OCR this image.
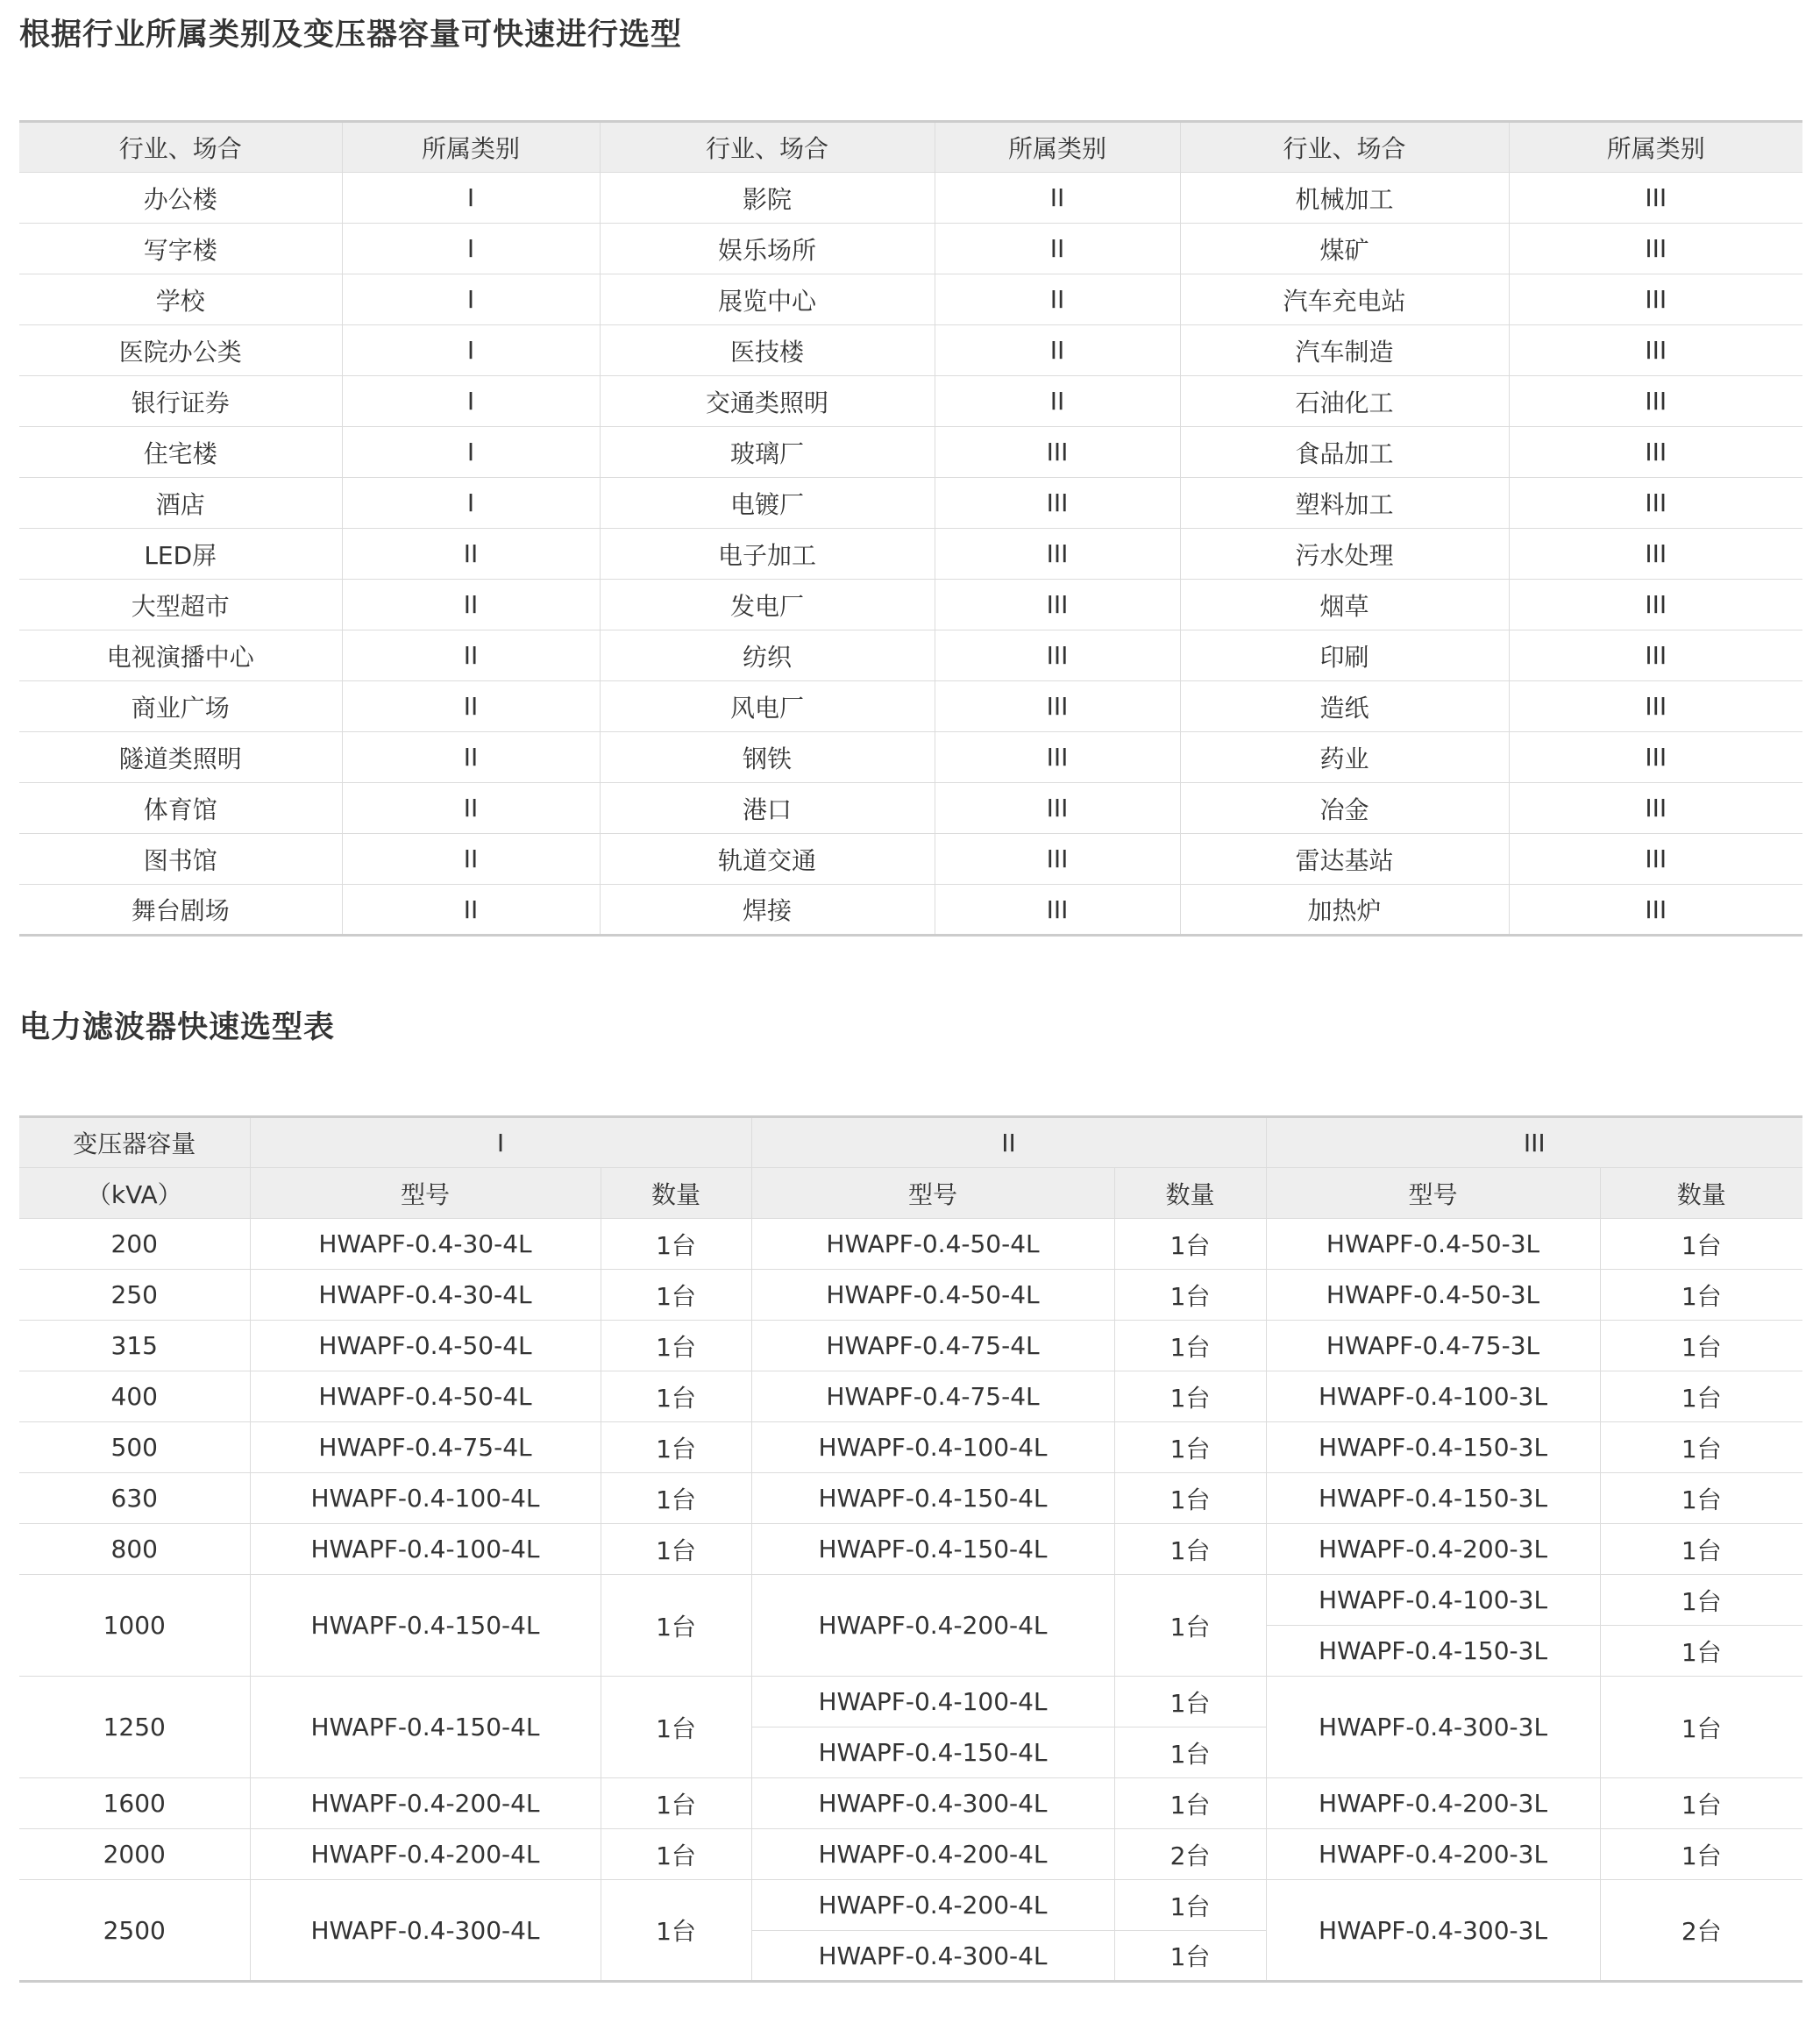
根据行业所属类别及变压器容量可快速进行选型
行业、场合	所属类别	行业、场合	所属类别	行业、场合	所属类别
办公楼	I	影院	II	机械加工	III
写字楼	I	娱乐场所	II	煤矿	III
学校	I	展览中心	II	汽车充电站	III
医院办公类	I	医技楼	II	汽车制造	III
银行证券	I	交通类照明	II	石油化工	III
住宅楼	I	玻璃厂	III	食品加工	III
酒店	I	电镀厂	III	塑料加工	III
LED屏	II	电子加工	III	污水处理	III
大型超市	II	发电厂	III	烟草	III
电视演播中心	II	纺织	III	印刷	III
商业广场	II	风电厂	III	造纸	III
隧道类照明	II	钢铁	III	药业	III
体育馆	II	港口	III	冶金	III
图书馆	II	轨道交通	III	雷达基站	III
舞台剧场	II	焊接	III	加热炉	III
电力滤波器快速选型表
变压器容量	I		II		III	
（kVA）	型号	数量	型号	数量	型号	数量
200	HWAPF-0.4-30-4L	1台	HWAPF-0.4-50-4L	1台	HWAPF-0.4-50-3L	1台
250	HWAPF-0.4-30-4L	1台	HWAPF-0.4-50-4L	1台	HWAPF-0.4-50-3L	1台
315	HWAPF-0.4-50-4L	1台	HWAPF-0.4-75-4L	1台	HWAPF-0.4-75-3L	1台
400	HWAPF-0.4-50-4L	1台	HWAPF-0.4-75-4L	1台	HWAPF-0.4-100-3L	1台
500	HWAPF-0.4-75-4L	1台	HWAPF-0.4-100-4L	1台	HWAPF-0.4-150-3L	1台
630	HWAPF-0.4-100-4L	1台	HWAPF-0.4-150-4L	1台	HWAPF-0.4-150-3L	1台
800	HWAPF-0.4-100-4L	1台	HWAPF-0.4-150-4L	1台	HWAPF-0.4-200-3L	1台
1000	HWAPF-0.4-150-4L	1台	HWAPF-0.4-200-4L	1台	HWAPF-0.4-100-3L	1台
					HWAPF-0.4-150-3L	1台
1250	HWAPF-0.4-150-4L	1台	HWAPF-0.4-100-4L	1台	HWAPF-0.4-300-3L	1台
			HWAPF-0.4-150-4L	1台		
1600	HWAPF-0.4-200-4L	1台	HWAPF-0.4-300-4L	1台	HWAPF-0.4-200-3L	1台
2000	HWAPF-0.4-200-4L	1台	HWAPF-0.4-200-4L	2台	HWAPF-0.4-200-3L	1台
2500	HWAPF-0.4-300-4L	1台	HWAPF-0.4-200-4L	1台	HWAPF-0.4-300-3L	2台
			HWAPF-0.4-300-4L	1台		
